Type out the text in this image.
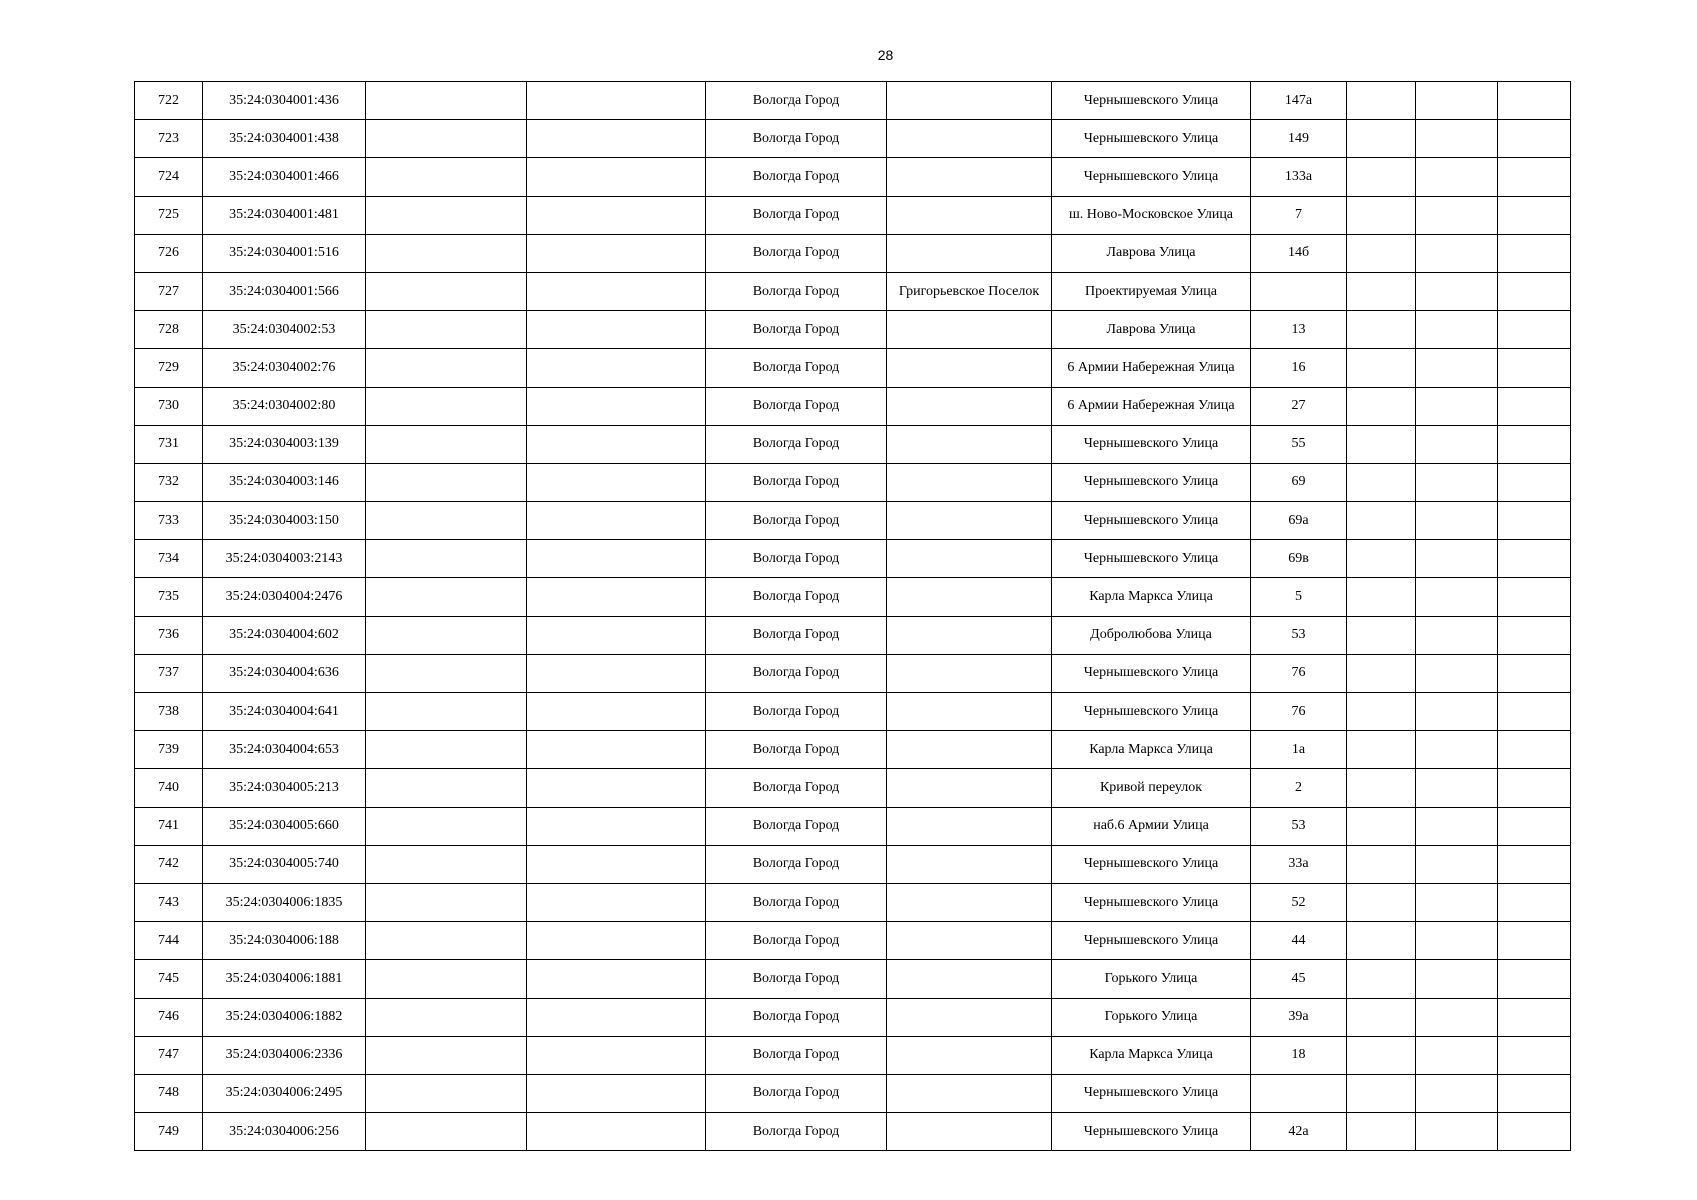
28
722	35:24:0304001:436			Вологда Город		Чернышевского Улица	147а			
723	35:24:0304001:438			Вологда Город		Чернышевского Улица	149			
724	35:24:0304001:466			Вологда Город		Чернышевского Улица	133а			
725	35:24:0304001:481			Вологда Город		ш. Ново-Московское Улица	7			
726	35:24:0304001:516			Вологда Город		Лаврова Улица	14б			
727	35:24:0304001:566			Вологда Город	Григорьевское Поселок	Проектируемая Улица				
728	35:24:0304002:53			Вологда Город		Лаврова Улица	13			
729	35:24:0304002:76			Вологда Город		6 Армии Набережная Улица	16			
730	35:24:0304002:80			Вологда Город		6 Армии Набережная Улица	27			
731	35:24:0304003:139			Вологда Город		Чернышевского Улица	55			
732	35:24:0304003:146			Вологда Город		Чернышевского Улица	69			
733	35:24:0304003:150			Вологда Город		Чернышевского Улица	69а			
734	35:24:0304003:2143			Вологда Город		Чернышевского Улица	69в			
735	35:24:0304004:2476			Вологда Город		Карла Маркса Улица	5			
736	35:24:0304004:602			Вологда Город		Добролюбова Улица	53			
737	35:24:0304004:636			Вологда Город		Чернышевского Улица	76			
738	35:24:0304004:641			Вологда Город		Чернышевского Улица	76			
739	35:24:0304004:653			Вологда Город		Карла Маркса Улица	1а			
740	35:24:0304005:213			Вологда Город		Кривой переулок	2			
741	35:24:0304005:660			Вологда Город		наб.6 Армии Улица	53			
742	35:24:0304005:740			Вологда Город		Чернышевского Улица	33а			
743	35:24:0304006:1835			Вологда Город		Чернышевского Улица	52			
744	35:24:0304006:188			Вологда Город		Чернышевского Улица	44			
745	35:24:0304006:1881			Вологда Город		Горького Улица	45			
746	35:24:0304006:1882			Вологда Город		Горького Улица	39а			
747	35:24:0304006:2336			Вологда Город		Карла Маркса Улица	18			
748	35:24:0304006:2495			Вологда Город		Чернышевского Улица				
749	35:24:0304006:256			Вологда Город		Чернышевского Улица	42а			
